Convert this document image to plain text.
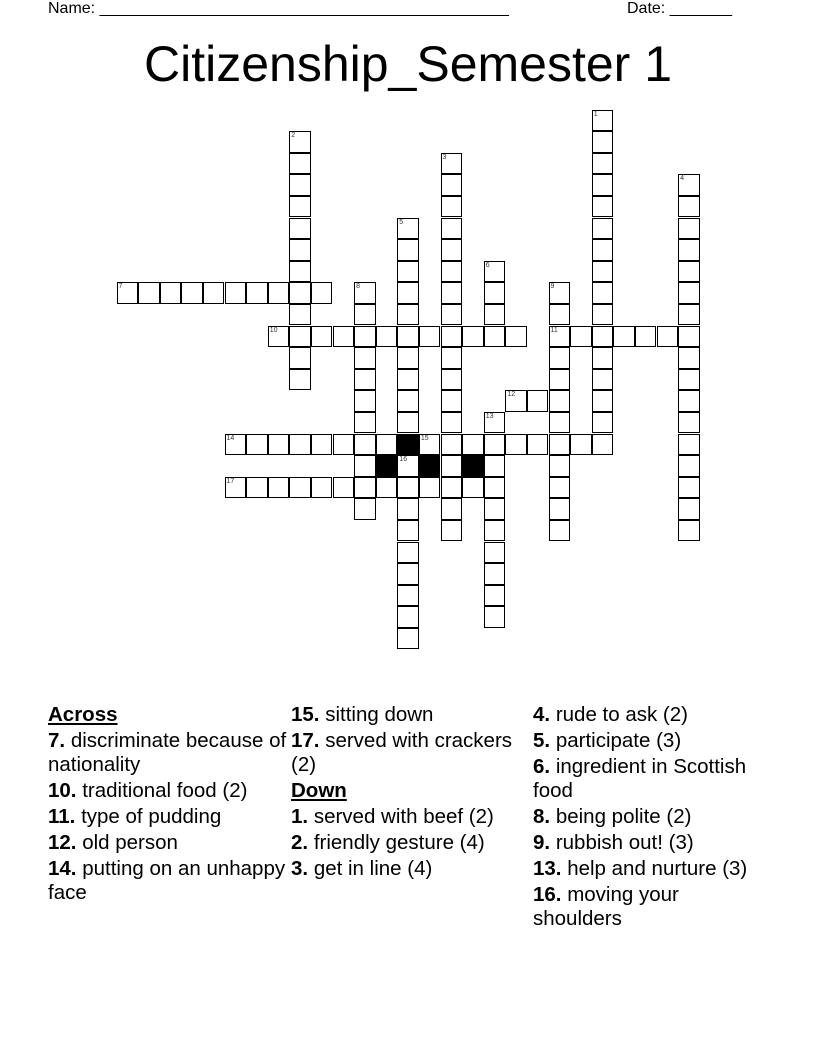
Name: ______________________________________________	Date: _______
Citizenship_Semester 1
1
2
3
4
5
6
7	8	9
11
10
12
13
14	15
16
17
Across
7. discriminate because of nationality
10. traditional food (2)
11. type of pudding
12. old person
14. putting on an unhappy face
15. sitting down
17. served with crackers (2)
Down
1. served with beef (2)
2. friendly gesture (4)
3. get in line (4)
4. rude to ask (2)
5. participate (3)
6. ingredient in Scottish food
8. being polite (2)
9. rubbish out! (3)
13. help and nurture (3)
16. moving your shoulders
